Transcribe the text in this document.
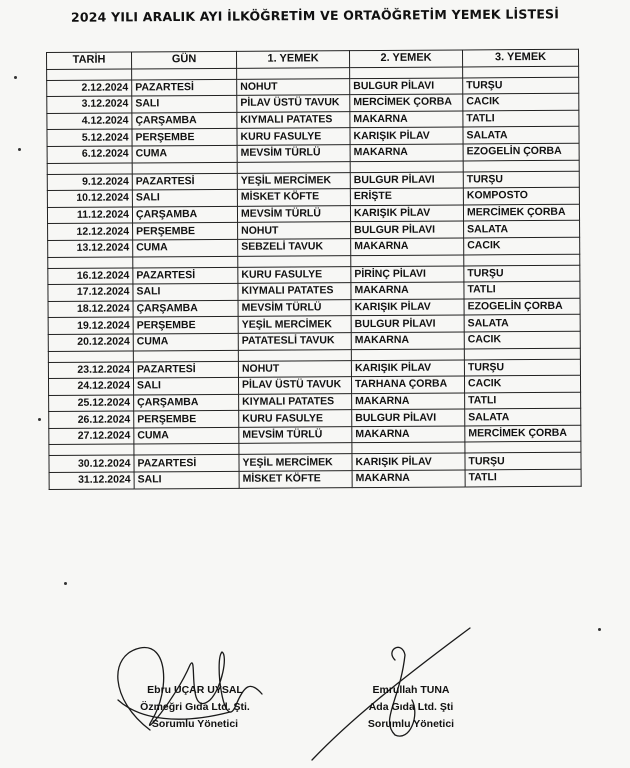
2024 YILI ARALIK AYI İLKÖĞRETİM VE ORTAÖĞRETİM YEMEK LİSTESİ
TARİH	GÜN	1. YEMEK	2. YEMEK	3. YEMEK

2.12.2024	PAZARTESİ	NOHUT	BULGUR PİLAVI	TURŞU
3.12.2024	SALI	PİLAV ÜSTÜ TAVUK	MERCİMEK ÇORBA	CACIK
4.12.2024	ÇARŞAMBA	KIYMALI PATATES	MAKARNA	TATLI
5.12.2024	PERŞEMBE	KURU FASULYE	KARIŞIK PİLAV	SALATA
6.12.2024	CUMA	MEVSİM TÜRLÜ	MAKARNA	EZOGELİN ÇORBA

9.12.2024	PAZARTESİ	YEŞİL MERCİMEK	BULGUR PİLAVI	TURŞU
10.12.2024	SALI	MİSKET KÖFTE	ERİŞTE	KOMPOSTO
11.12.2024	ÇARŞAMBA	MEVSİM TÜRLÜ	KARIŞIK PİLAV	MERCİMEK ÇORBA
12.12.2024	PERŞEMBE	NOHUT	BULGUR PİLAVI	SALATA
13.12.2024	CUMA	SEBZELİ TAVUK	MAKARNA	CACIK

16.12.2024	PAZARTESİ	KURU FASULYE	PİRİNÇ PİLAVI	TURŞU
17.12.2024	SALI	KIYMALI PATATES	MAKARNA	TATLI
18.12.2024	ÇARŞAMBA	MEVSİM TÜRLÜ	KARIŞIK PİLAV	EZOGELİN ÇORBA
19.12.2024	PERŞEMBE	YEŞİL MERCİMEK	BULGUR PİLAVI	SALATA
20.12.2024	CUMA	PATATESLİ TAVUK	MAKARNA	CACIK

23.12.2024	PAZARTESİ	NOHUT	KARIŞIK PİLAV	TURŞU
24.12.2024	SALI	PİLAV ÜSTÜ TAVUK	TARHANA ÇORBA	CACIK
25.12.2024	ÇARŞAMBA	KIYMALI PATATES	MAKARNA	TATLI
26.12.2024	PERŞEMBE	KURU FASULYE	BULGUR PİLAVI	SALATA
27.12.2024	CUMA	MEVSİM TÜRLÜ	MAKARNA	MERCİMEK ÇORBA

30.12.2024	PAZARTESİ	YEŞİL MERCİMEK	KARIŞIK PİLAV	TURŞU
31.12.2024	SALI	MİSKET KÖFTE	MAKARNA	TATLI
Ebru UÇAR UYSAL
Özmeğri Gıda Ltd. Şti.
Sorumlu Yönetici
Emrullah TUNA
Ada Gıda Ltd. Şti
Sorumlu Yönetici
